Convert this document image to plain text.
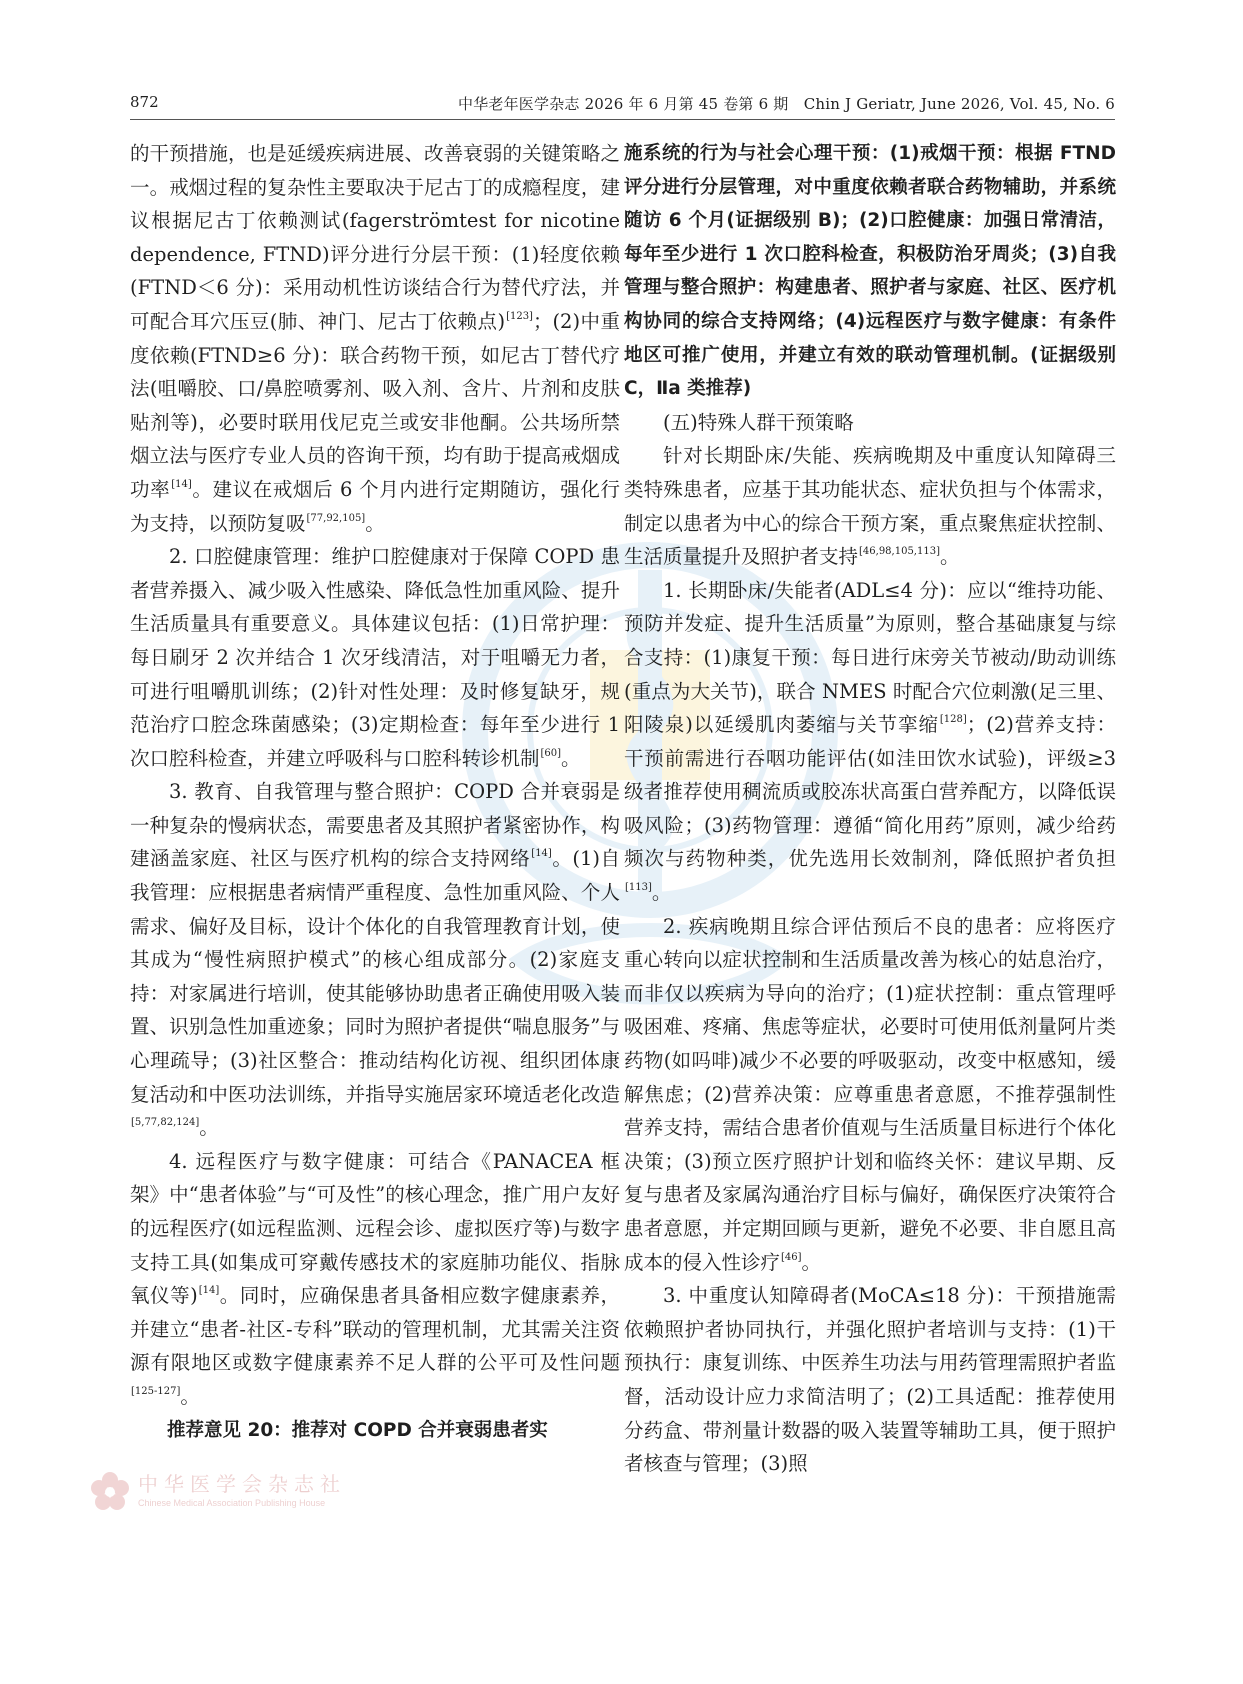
872	中华老年医学杂志 2026 年 6 月第 45 卷第 6 期　Chin J Geriatr, June 2026, Vol. 45, No. 6

的干预措施，也是延缓疾病进展、改善衰弱的关键策略之一。戒烟过程的复杂性主要取决于尼古丁的成瘾程度，建议根据尼古丁依赖测试(fagerströmtest for nicotine dependence, FTND)评分进行分层干预：(1)轻度依赖(FTND＜6 分)：采用动机性访谈结合行为替代疗法，并可配合耳穴压豆(肺、神门、尼古丁依赖点)[123]；(2)中重度依赖(FTND≥6 分)：联合药物干预，如尼古丁替代疗法(咀嚼胶、口/鼻腔喷雾剂、吸入剂、含片、片剂和皮肤贴剂等)，必要时联用伐尼克兰或安非他酮。公共场所禁烟立法与医疗专业人员的咨询干预，均有助于提高戒烟成功率[14]。建议在戒烟后 6 个月内进行定期随访，强化行为支持，以预防复吸[77,92,105]。

2. 口腔健康管理：维护口腔健康对于保障 COPD 患者营养摄入、减少吸入性感染、降低急性加重风险、提升生活质量具有重要意义。具体建议包括：(1)日常护理：每日刷牙 2 次并结合 1 次牙线清洁，对于咀嚼无力者，可进行咀嚼肌训练；(2)针对性处理：及时修复缺牙，规范治疗口腔念珠菌感染；(3)定期检查：每年至少进行 1 次口腔科检查，并建立呼吸科与口腔科转诊机制[60]。

3. 教育、自我管理与整合照护：COPD 合并衰弱是一种复杂的慢病状态，需要患者及其照护者紧密协作，构建涵盖家庭、社区与医疗机构的综合支持网络[14]。(1)自我管理：应根据患者病情严重程度、急性加重风险、个人需求、偏好及目标，设计个体化的自我管理教育计划，使其成为“慢性病照护模式”的核心组成部分。(2)家庭支持：对家属进行培训，使其能够协助患者正确使用吸入装置、识别急性加重迹象；同时为照护者提供“喘息服务”与心理疏导；(3)社区整合：推动结构化访视、组织团体康复活动和中医功法训练，并指导实施居家环境适老化改造[5,77,82,124]。

4. 远程医疗与数字健康：可结合《PANACEA 框架》中“患者体验”与“可及性”的核心理念，推广用户友好的远程医疗(如远程监测、远程会诊、虚拟医疗等)与数字支持工具(如集成可穿戴传感技术的家庭肺功能仪、指脉氧仪等)[14]。同时，应确保患者具备相应数字健康素养，并建立“患者-社区-专科”联动的管理机制，尤其需关注资源有限地区或数字健康素养不足人群的公平可及性问题[125-127]。

推荐意见 20：推荐对 COPD 合并衰弱患者实

施系统的行为与社会心理干预：(1)戒烟干预：根据 FTND 评分进行分层管理，对中重度依赖者联合药物辅助，并系统随访 6 个月(证据级别 B)；(2)口腔健康：加强日常清洁，每年至少进行 1 次口腔科检查，积极防治牙周炎；(3)自我管理与整合照护：构建患者、照护者与家庭、社区、医疗机构协同的综合支持网络；(4)远程医疗与数字健康：有条件地区可推广使用，并建立有效的联动管理机制。(证据级别 C，Ⅱa 类推荐)

(五)特殊人群干预策略

针对长期卧床/失能、疾病晚期及中重度认知障碍三类特殊患者，应基于其功能状态、症状负担与个体需求，制定以患者为中心的综合干预方案，重点聚焦症状控制、生活质量提升及照护者支持[46,98,105,113]。

1. 长期卧床/失能者(ADL≤4 分)：应以“维持功能、预防并发症、提升生活质量”为原则，整合基础康复与综合支持：(1)康复干预：每日进行床旁关节被动/助动训练(重点为大关节)，联合 NMES 时配合穴位刺激(足三里、阳陵泉)以延缓肌肉萎缩与关节挛缩[128]；(2)营养支持：干预前需进行吞咽功能评估(如洼田饮水试验)，评级≥3 级者推荐使用稠流质或胶冻状高蛋白营养配方，以降低误吸风险；(3)药物管理：遵循“简化用药”原则，减少给药频次与药物种类，优先选用长效制剂，降低照护者负担[113]。

2. 疾病晚期且综合评估预后不良的患者：应将医疗重心转向以症状控制和生活质量改善为核心的姑息治疗，而非仅以疾病为导向的治疗；(1)症状控制：重点管理呼吸困难、疼痛、焦虑等症状，必要时可使用低剂量阿片类药物(如吗啡)减少不必要的呼吸驱动，改变中枢感知，缓解焦虑；(2)营养决策：应尊重患者意愿，不推荐强制性营养支持，需结合患者价值观与生活质量目标进行个体化决策；(3)预立医疗照护计划和临终关怀：建议早期、反复与患者及家属沟通治疗目标与偏好，确保医疗决策符合患者意愿，并定期回顾与更新，避免不必要、非自愿且高成本的侵入性诊疗[46]。

3. 中重度认知障碍者(MoCA≤18 分)：干预措施需依赖照护者协同执行，并强化照护者培训与支持：(1)干预执行：康复训练、中医养生功法与用药管理需照护者监督，活动设计应力求简洁明了；(2)工具适配：推荐使用分药盒、带剂量计数器的吸入装置等辅助工具，便于照护者核查与管理；(3)照

中华医学会杂志社
Chinese Medical Association Publishing House
